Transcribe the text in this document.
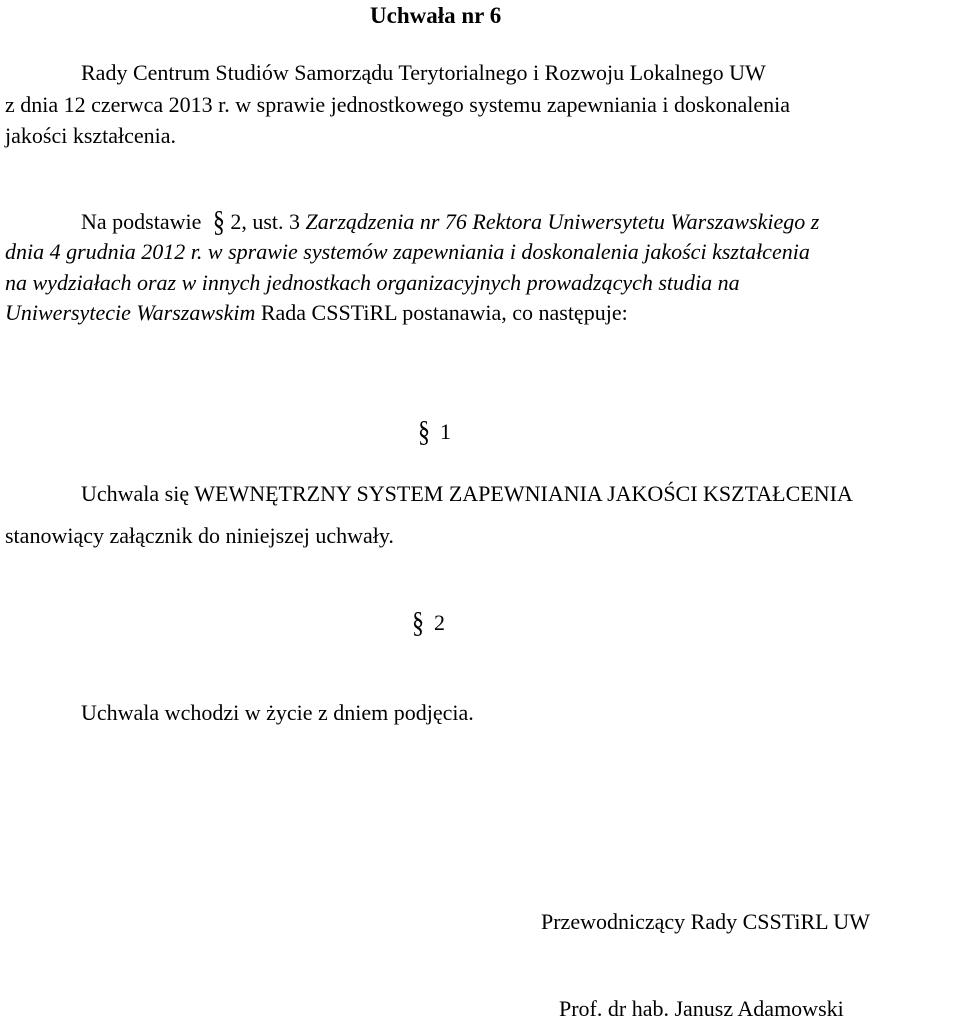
Uchwała nr 6
Rady Centrum Studiów Samorządu Terytorialnego i Rozwoju Lokalnego UW
z dnia 12 czerwca 2013 r. w sprawie jednostkowego systemu zapewniania i doskonalenia
jakości kształcenia.
Na podstawie § 2, ust. 3 Zarządzenia nr 76 Rektora Uniwersytetu Warszawskiego z
dnia 4 grudnia 2012 r. w sprawie systemów zapewniania i doskonalenia jakości kształcenia
na wydziałach oraz w innych jednostkach organizacyjnych prowadzących studia na
Uniwersytecie Warszawskim Rada CSSTiRL postanawia, co następuje:
§ 1
Uchwala się WEWNĘTRZNY SYSTEM ZAPEWNIANIA JAKOŚCI KSZTAŁCENIA
stanowiący załącznik do niniejszej uchwały.
§ 2
Uchwala wchodzi w życie z dniem podjęcia.
Przewodniczący Rady CSSTiRL UW
Prof. dr hab. Janusz Adamowski
